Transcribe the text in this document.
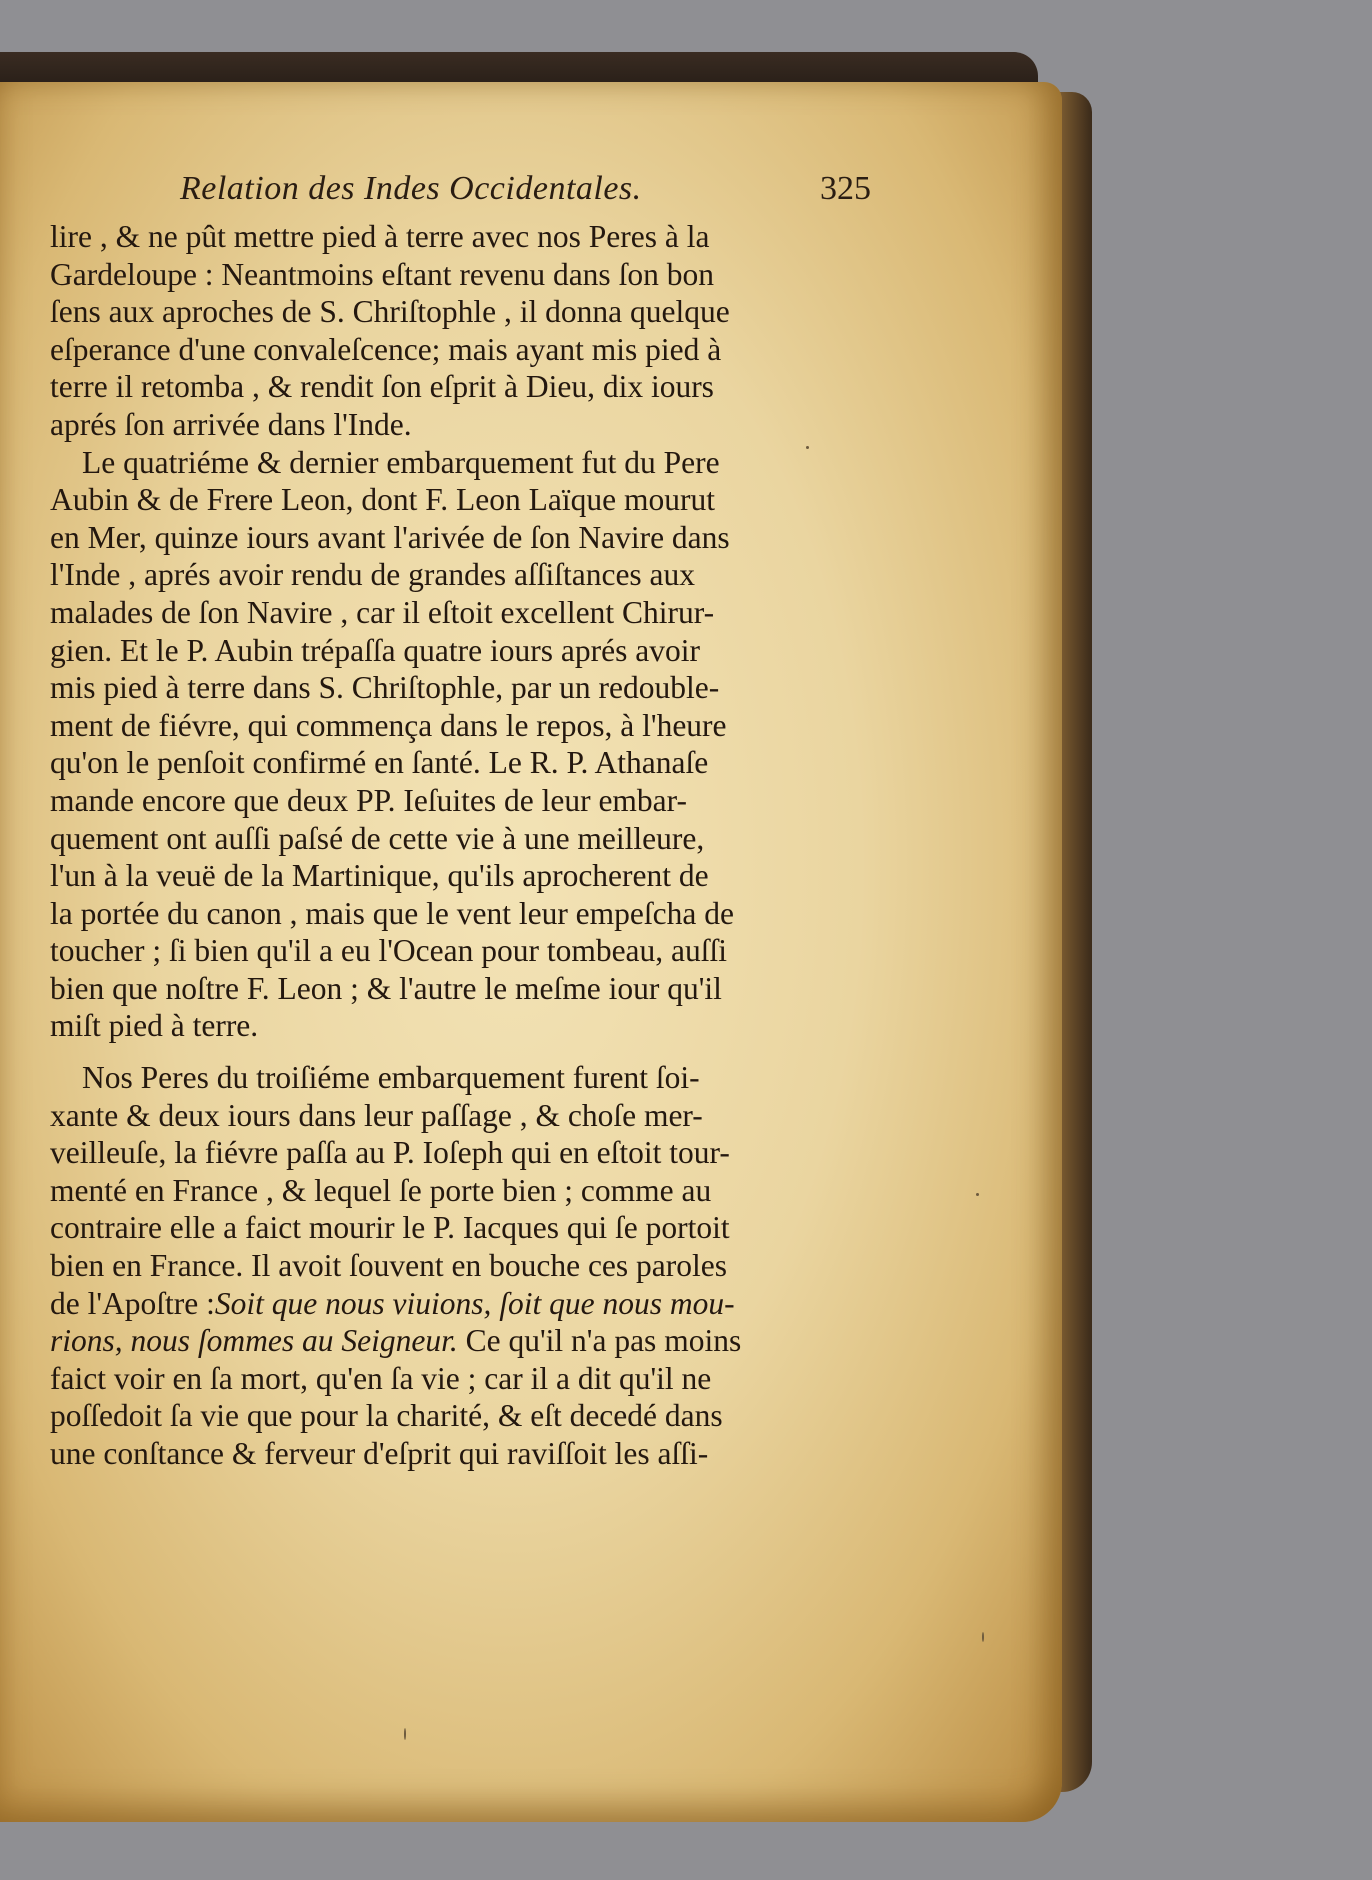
Relation des Indes Occidentales.	325
lire , & ne pût mettre pied à terre avec nos Peres à la
Gardeloupe : Neantmoins eſtant revenu dans ſon bon
ſens aux aproches de S. Chriſtophle , il donna quelque
eſperance d'une convaleſcence; mais ayant mis pied à
terre il retomba , & rendit ſon eſprit à Dieu, dix iours
aprés ſon arrivée dans l'Inde.
Le quatriéme & dernier embarquement fut du Pere
Aubin & de Frere Leon, dont F. Leon Laïque mourut
en Mer, quinze iours avant l'arivée de ſon Navire dans
l'Inde , aprés avoir rendu de grandes aſſiſtances aux
malades de ſon Navire , car il eſtoit excellent Chirur-
gien. Et le P. Aubin trépaſſa quatre iours aprés avoir
mis pied à terre dans S. Chriſtophle, par un redouble-
ment de fiévre, qui commença dans le repos, à l'heure
qu'on le penſoit confirmé en ſanté. Le R. P. Athanaſe
mande encore que deux PP. Ieſuites de leur embar-
quement ont auſſi paſsé de cette vie à une meilleure,
l'un à la veuë de la Martinique, qu'ils aprocherent de
la portée du canon , mais que le vent leur empeſcha de
toucher ; ſi bien qu'il a eu l'Ocean pour tombeau, auſſi
bien que noſtre F. Leon ; & l'autre le meſme iour qu'il
miſt pied à terre.
Nos Peres du troiſiéme embarquement furent ſoi-
xante & deux iours dans leur paſſage , & choſe mer-
veilleuſe, la fiévre paſſa au P. Ioſeph qui en eſtoit tour-
menté en France , & lequel ſe porte bien ; comme au
contraire elle a faict mourir le P. Iacques qui ſe portoit
bien en France. Il avoit ſouvent en bouche ces paroles
de l'Apoſtre :Soit que nous viuions, ſoit que nous mou-
rions, nous ſommes au Seigneur. Ce qu'il n'a pas moins
faict voir en ſa mort, qu'en ſa vie ; car il a dit qu'il ne
poſſedoit ſa vie que pour la charité, & eſt decedé dans
une conſtance & ferveur d'eſprit qui raviſſoit les aſſi-
